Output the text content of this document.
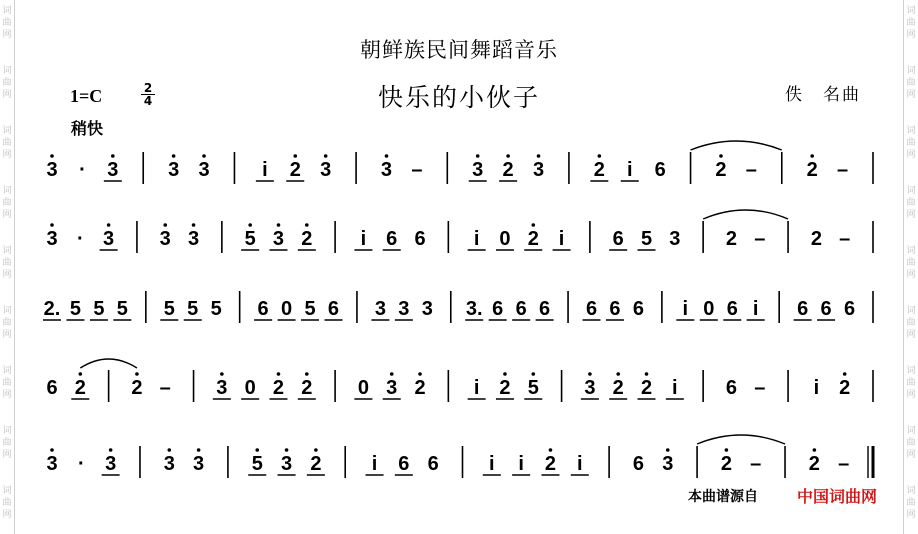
词
曲
网
词
曲
网
词
曲
网
词
曲
网
词
曲
网
词
曲
网
词
曲
网
词
曲
网
词
曲
网
词
曲
网
词
曲
网
词
曲
网
词
曲
网
词
曲
网
词
曲
网
词
曲
网
词
曲
网
词
曲
网
朝鲜族民间舞蹈音乐
快乐的小伙子
1=C	2
4
稍快
佚　名曲
3 · 3 3 3	i 2 3 3 – 3 2 3 2 i 6 2 – 2 –
3 · 3 3 3 5 3 2 i 6 6 i 0 2 i 6 5 3 2 – 2 –
2. 5 5 5 5 5 5 6 0 5 6 3 3 3 3. 6 6 6 6 6 6 i 0 6 i 6 6 6
6 2 2 – 3 0 2 2 0 3 2 i 2 5 3 2 2 i 6 – i 2
3 · 3 3 3 5 3 2	i 6 6	i i 2 i	6 3 2 – 2 –
本曲谱源自 中国词曲网
